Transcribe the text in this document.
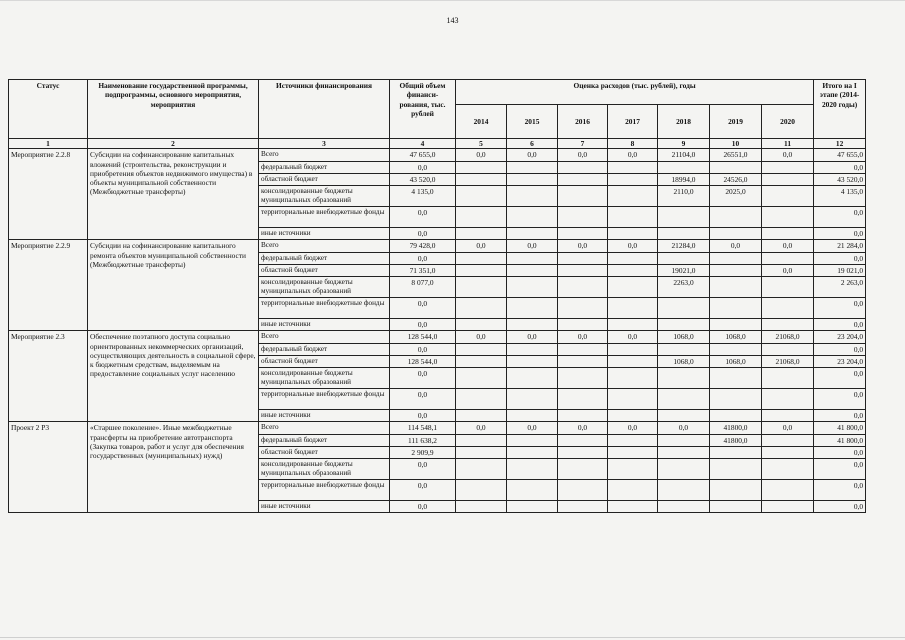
143
Статус	Наименование государственной программы, подпрограммы, основного мероприятия, мероприятия	Источники финансирования	Общий объем финанси-рования, тыс. рублей	Оценка расходов (тыс. рублей), годы							Итого на I этапе (2014-2020 годы)
				2014	2015	2016	2017	2018	2019	2020	
1	2	3	4	5	6	7	8	9	10	11	12
Мероприятие 2.2.8	Субсидии на софинансирование капитальных вложений (строительства, реконструкции и приобретения объектов недвижимого имущества) в объекты муниципальной собственности (Межбюджетные трансферты)	Всего	47 655,0	0,0	0,0	0,0	0,0	21104,0	26551,0	0,0	47 655,0
		федеральный бюджет	0,0								0,0
		областной бюджет	43 520,0					18994,0	24526,0		43 520,0
		консолидированные бюджеты муниципальных образований	4 135,0					2110,0	2025,0		4 135,0
		территориальные внебюджетные фонды	0,0								0,0
		иные источники	0,0								0,0
Мероприятие 2.2.9	Субсидии на софинансирование капитального ремонта объектов муниципальной собственности (Межбюджетные трансферты)	Всего	79 428,0	0,0	0,0	0,0	0,0	21284,0	0,0	0,0	21 284,0
		федеральный бюджет	0,0								0,0
		областной бюджет	71 351,0					19021,0		0,0	19 021,0
		консолидированные бюджеты муниципальных образований	8 077,0					2263,0			2 263,0
		территориальные внебюджетные фонды	0,0								0,0
		иные источники	0,0								0,0
Мероприятие 2.3	Обеспечение поэтапного доступа социально ориентированных некоммерческих организаций, осуществляющих деятельность в социальной сфере, к бюджетным средствам, выделяемым на предоставление социальных услуг населению	Всего	128 544,0	0,0	0,0	0,0	0,0	1068,0	1068,0	21068,0	23 204,0
		федеральный бюджет	0,0								0,0
		областной бюджет	128 544,0					1068,0	1068,0	21068,0	23 204,0
		консолидированные бюджеты муниципальных образований	0,0								0,0
		территориальные внебюджетные фонды	0,0								0,0
		иные источники	0,0								0,0
Проект 2 Р3	«Старшее поколение». Иные межбюджетные трансферты на приобретение автотранспорта (Закупка товаров, работ и услуг для обеспечения государственных (муниципальных) нужд)	Всего	114 548,1	0,0	0,0	0,0	0,0	0,0	41800,0	0,0	41 800,0
		федеральный бюджет	111 638,2						41800,0		41 800,0
		областной бюджет	2 909,9								0,0
		консолидированные бюджеты муниципальных образований	0,0								0,0
		территориальные внебюджетные фонды	0,0								0,0
		иные источники	0,0								0,0
